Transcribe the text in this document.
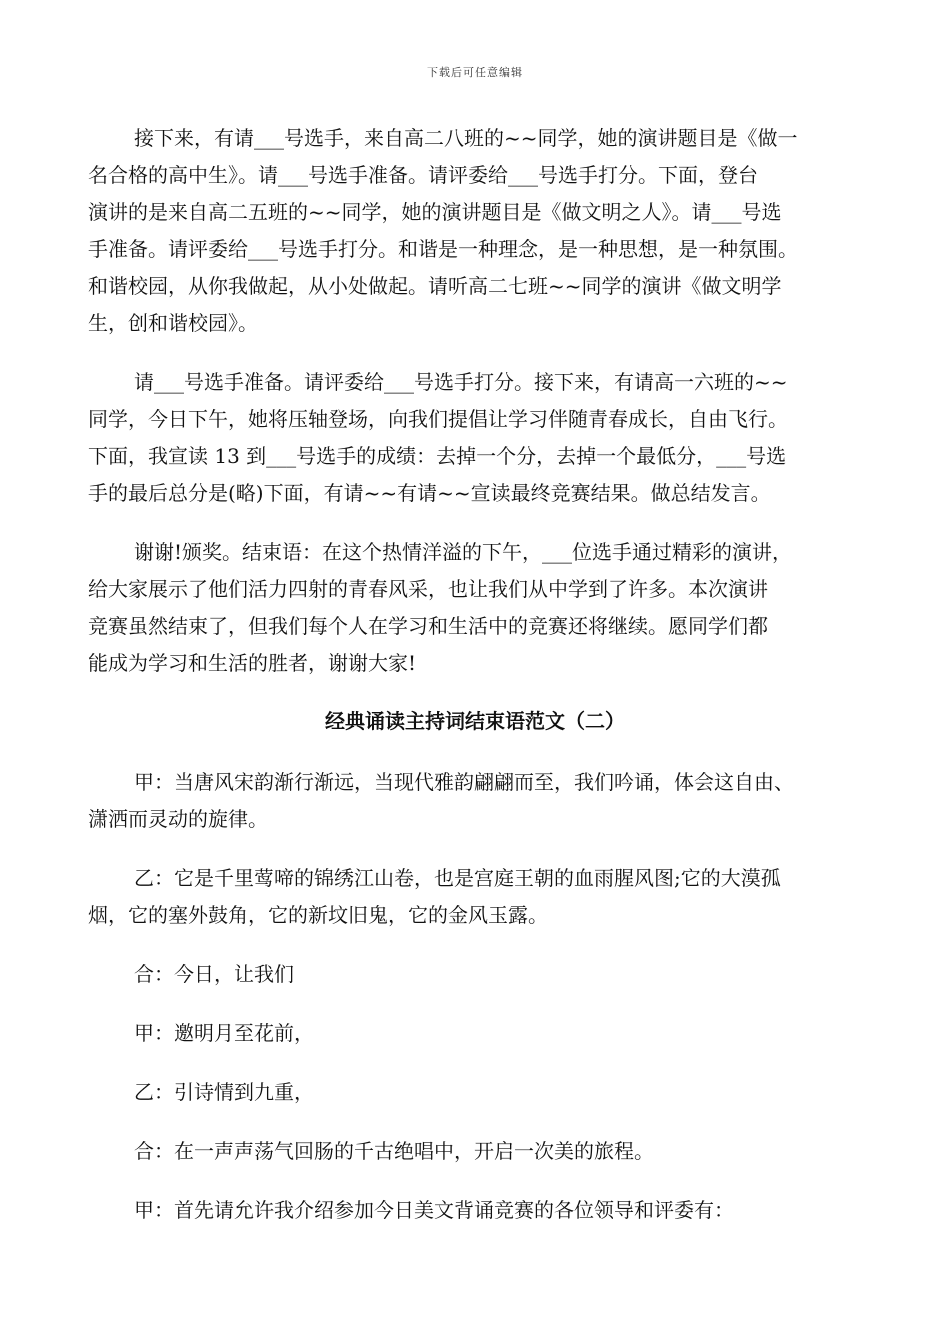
下载后可任意编辑
接下来，有请___号选手，来自高二八班的~~同学，她的演讲题目是《做一
名合格的高中生》。请___号选手准备。请评委给___号选手打分。下面，登台
演讲的是来自高二五班的~~同学，她的演讲题目是《做文明之人》。请___号选
手准备。请评委给___号选手打分。和谐是一种理念，是一种思想，是一种氛围。
和谐校园，从你我做起，从小处做起。请听高二七班~~同学的演讲《做文明学
生，创和谐校园》。
请___号选手准备。请评委给___号选手打分。接下来，有请高一六班的~~
同学，今日下午，她将压轴登场，向我们提倡让学习伴随青春成长，自由飞行。
下面，我宣读 13 到___号选手的成绩：去掉一个分，去掉一个最低分，___号选
手的最后总分是(略)下面，有请~~有请~~宣读最终竞赛结果。做总结发言。
谢谢!颁奖。结束语：在这个热情洋溢的下午，___位选手通过精彩的演讲，
给大家展示了他们活力四射的青春风采，也让我们从中学到了许多。本次演讲
竞赛虽然结束了，但我们每个人在学习和生活中的竞赛还将继续。愿同学们都
能成为学习和生活的胜者，谢谢大家!
经典诵读主持词结束语范文（二）
甲：当唐风宋韵渐行渐远，当现代雅韵翩翩而至，我们吟诵，体会这自由、
潇洒而灵动的旋律。
乙：它是千里莺啼的锦绣江山卷，也是宫庭王朝的血雨腥风图;它的大漠孤
烟，它的塞外鼓角，它的新坟旧鬼，它的金风玉露。
合：今日，让我们
甲：邀明月至花前，
乙：引诗情到九重，
合：在一声声荡气回肠的千古绝唱中，开启一次美的旅程。
甲：首先请允许我介绍参加今日美文背诵竞赛的各位领导和评委有：
